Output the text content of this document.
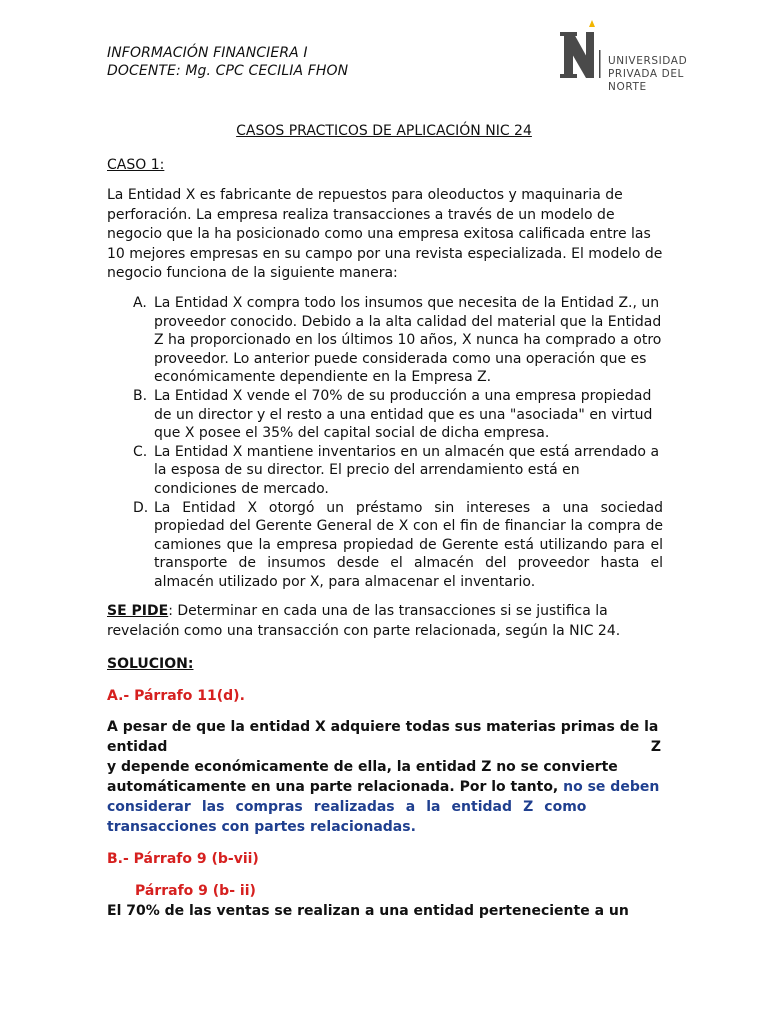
INFORMACIÓN FINANCIERA I
DOCENTE: Mg. CPC CECILIA FHON
UNIVERSIDAD
PRIVADA DEL NORTE
CASOS PRACTICOS DE APLICACIÓN NIC 24
CASO 1:
La Entidad X es fabricante de repuestos para oleoductos y maquinaria de perforación. La empresa realiza transacciones a través de un modelo de negocio que la ha posicionado como una empresa exitosa calificada entre las 10 mejores empresas en su campo por una revista especializada. El modelo de negocio funciona de la siguiente manera:
A. La Entidad X compra todo los insumos que necesita de la Entidad Z., un proveedor conocido. Debido a la alta calidad del material que la Entidad Z ha proporcionado en los últimos 10 años, X nunca ha comprado a otro proveedor. Lo anterior puede considerada como una operación que es económicamente dependiente en la Empresa Z.
B. La Entidad X vende el 70% de su producción a una empresa propiedad de un director y el resto a una entidad que es una "asociada" en virtud que X posee el 35% del capital social de dicha empresa.
C. La Entidad X mantiene inventarios en un almacén que está arrendado a la esposa de su director. El precio del arrendamiento está en condiciones de mercado.
D. La Entidad X otorgó un préstamo sin intereses a una sociedad propiedad del Gerente General de X con el fin de financiar la compra de camiones que la empresa propiedad de Gerente está utilizando para el transporte de insumos desde el almacén del proveedor hasta el almacén utilizado por X, para almacenar el inventario.
SE PIDE: Determinar en cada una de las transacciones si se justifica la revelación como una transacción con parte relacionada, según la NIC 24.
SOLUCION:
A.- Párrafo 11(d).
A pesar de que la entidad X adquiere todas sus materias primas de la
entidad	Z
y depende económicamente de ella, la entidad Z no se convierte
automáticamente en una parte relacionada. Por lo tanto, no se deben
considerar las compras realizadas a la entidad Z como
transacciones con partes relacionadas.
B.- Párrafo 9 (b-vii)
Párrafo 9 (b- ii)
El 70% de las ventas se realizan a una entidad perteneciente a un
